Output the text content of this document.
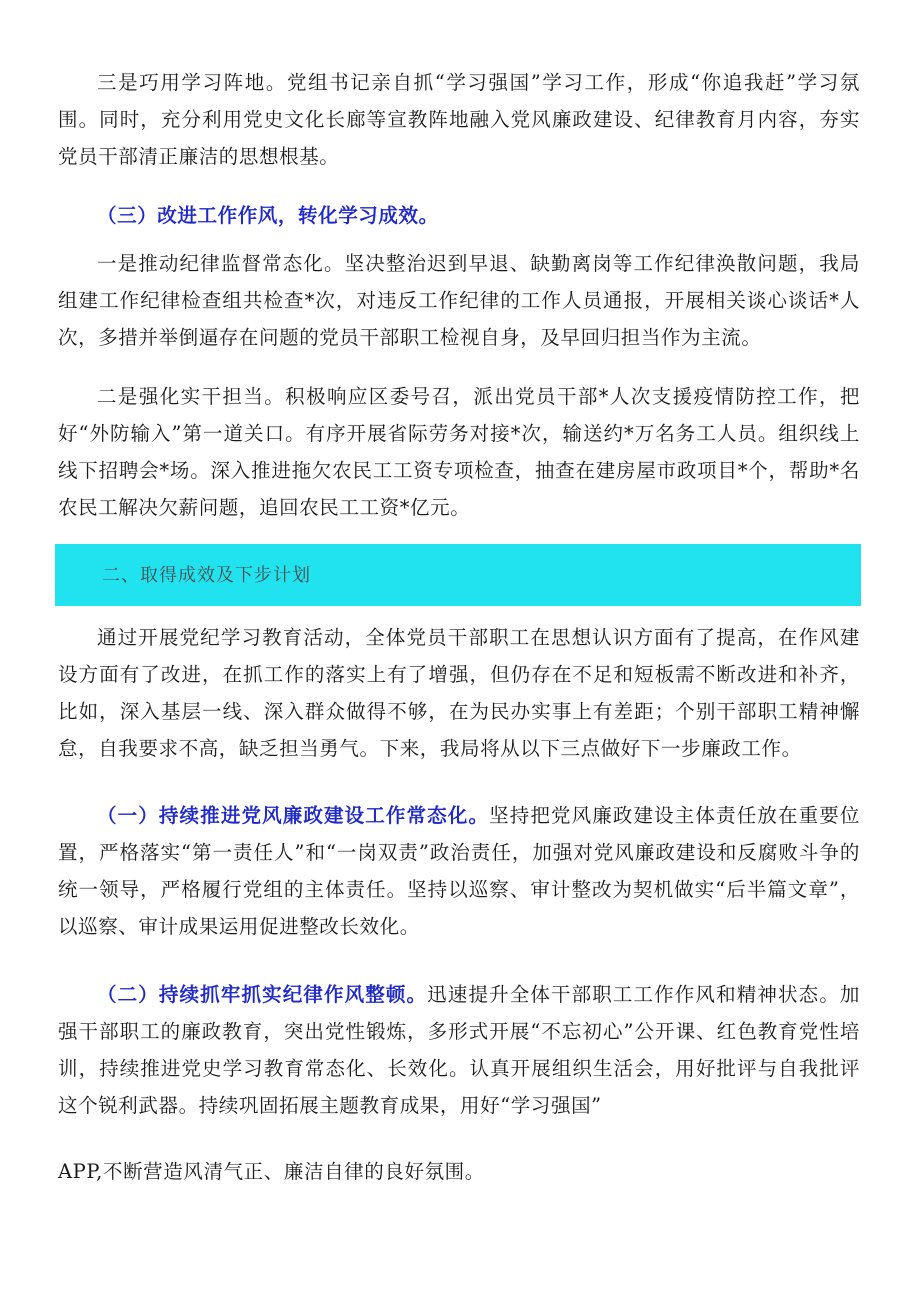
三是巧用学习阵地。党组书记亲自抓“学习强国”学习工作，形成“你追我赶”学习氛围。同时，充分利用党史文化长廊等宣教阵地融入党风廉政建设、纪律教育月内容，夯实党员干部清正廉洁的思想根基。

（三）改进工作作风，转化学习成效。

一是推动纪律监督常态化。坚决整治迟到早退、缺勤离岗等工作纪律涣散问题，我局组建工作纪律检查组共检查*次，对违反工作纪律的工作人员通报，开展相关谈心谈话*人次，多措并举倒逼存在问题的党员干部职工检视自身，及早回归担当作为主流。

二是强化实干担当。积极响应区委号召，派出党员干部*人次支援疫情防控工作，把好“外防输入”第一道关口。有序开展省际劳务对接*次，输送约*万名务工人员。组织线上线下招聘会*场。深入推进拖欠农民工工资专项检查，抽查在建房屋市政项目*个，帮助*名农民工解决欠薪问题，追回农民工工资*亿元。

二、取得成效及下步计划

通过开展党纪学习教育活动，全体党员干部职工在思想认识方面有了提高，在作风建设方面有了改进，在抓工作的落实上有了增强，但仍存在不足和短板需不断改进和补齐，比如，深入基层一线、深入群众做得不够，在为民办实事上有差距；个别干部职工精神懈怠，自我要求不高，缺乏担当勇气。下来，我局将从以下三点做好下一步廉政工作。

（一）持续推进党风廉政建设工作常态化。坚持把党风廉政建设主体责任放在重要位置，严格落实“第一责任人”和“一岗双责”政治责任，加强对党风廉政建设和反腐败斗争的统一领导，严格履行党组的主体责任。坚持以巡察、审计整改为契机做实“后半篇文章”，以巡察、审计成果运用促进整改长效化。

（二）持续抓牢抓实纪律作风整顿。迅速提升全体干部职工工作作风和精神状态。加强干部职工的廉政教育，突出党性锻炼，多形式开展“不忘初心”公开课、红色教育党性培训，持续推进党史学习教育常态化、长效化。认真开展组织生活会，用好批评与自我批评这个锐利武器。持续巩固拓展主题教育成果，用好“学习强国”

APP,不断营造风清气正、廉洁自律的良好氛围。
